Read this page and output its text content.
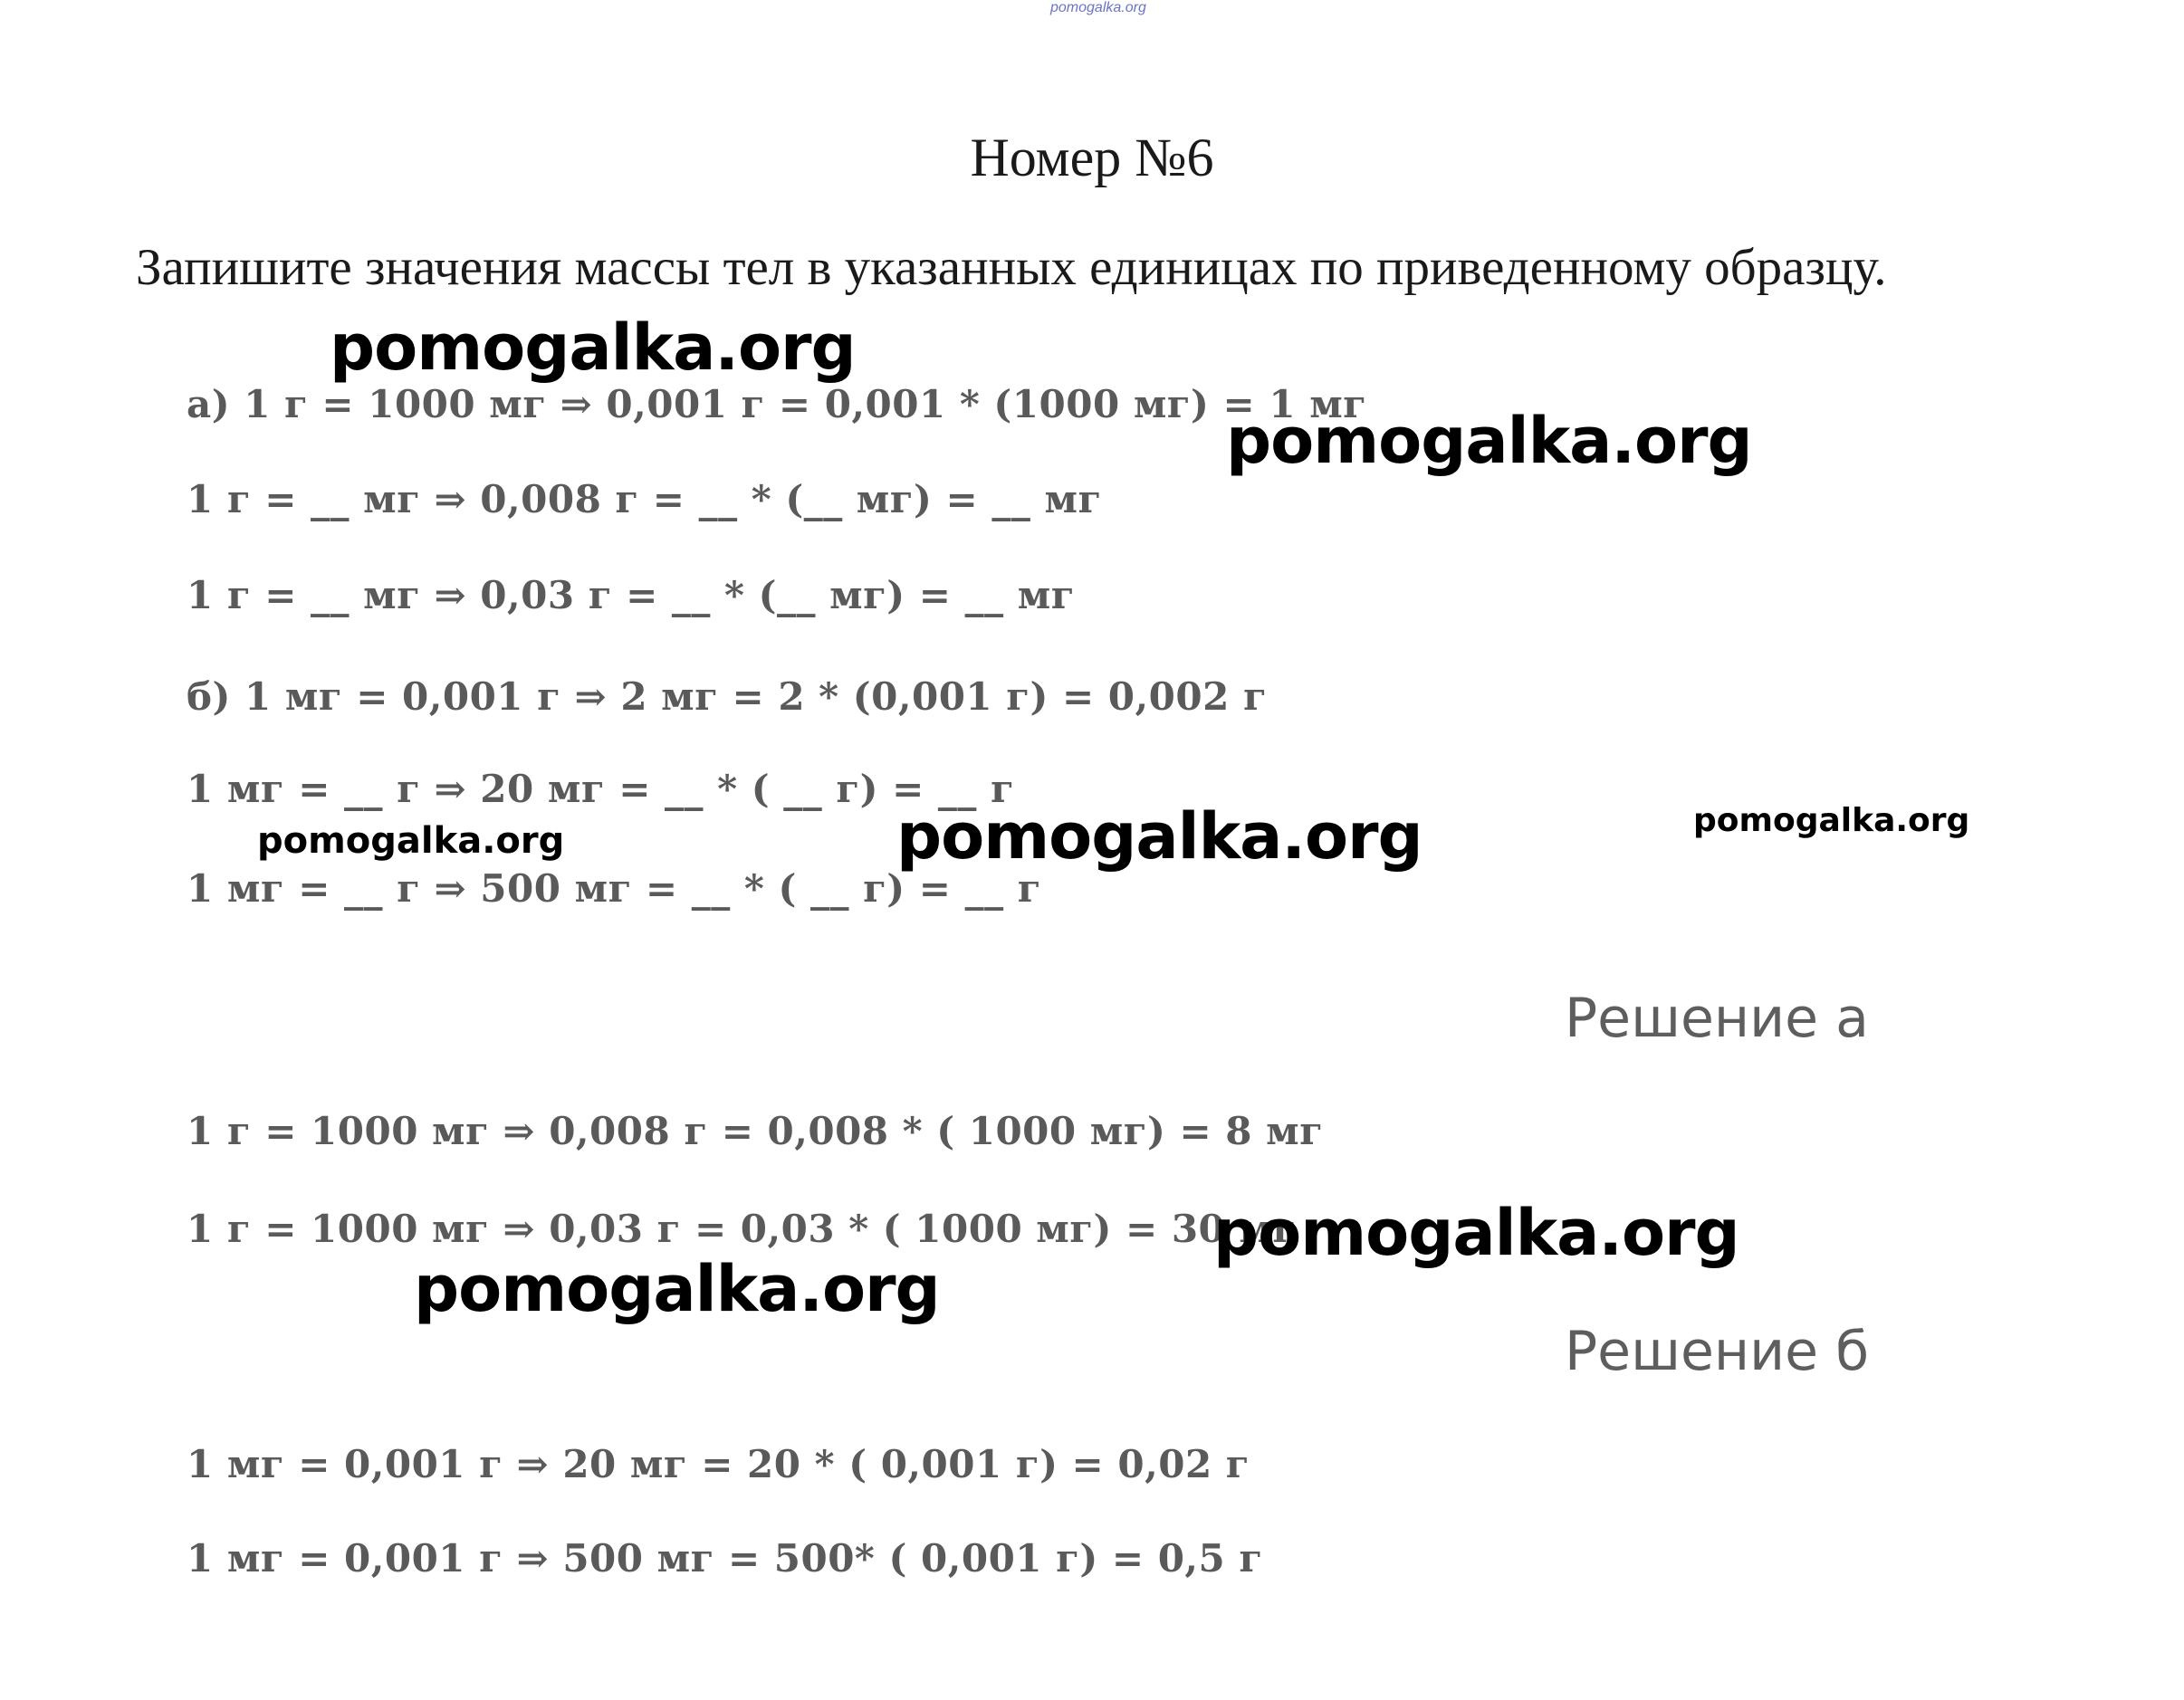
pomogalka.org
Номер №6
Запишите значения массы тел в указанных единицах по приведенному образцу.
а) 1 г = 1000 мг ⇒ 0,001 г = 0,001 * (1000 мг) = 1 мг
1 г = __ мг ⇒ 0,008 г = __ * (__ мг) = __ мг
1 г = __ мг ⇒ 0,03 г = __ * (__ мг) = __ мг
б) 1 мг = 0,001 г ⇒ 2 мг = 2 * (0,001 г) = 0,002 г
1 мг = __ г ⇒ 20 мг = __ * ( __ г) = __ г
1 мг = __ г ⇒ 500 мг = __ * ( __ г) = __ г
Решение а
1 г = 1000 мг ⇒ 0,008 г = 0,008 * ( 1000 мг) = 8 мг
1 г = 1000 мг ⇒ 0,03 г = 0,03 * ( 1000 мг) = 30 мг
Решение б
1 мг = 0,001 г ⇒ 20 мг = 20 * ( 0,001 г) = 0,02 г
1 мг = 0,001 г ⇒ 500 мг = 500* ( 0,001 г) = 0,5 г
pomogalka.org
pomogalka.org
pomogalka.org	pomogalka.org	pomogalka.org
pomogalka.org
pomogalka.org
